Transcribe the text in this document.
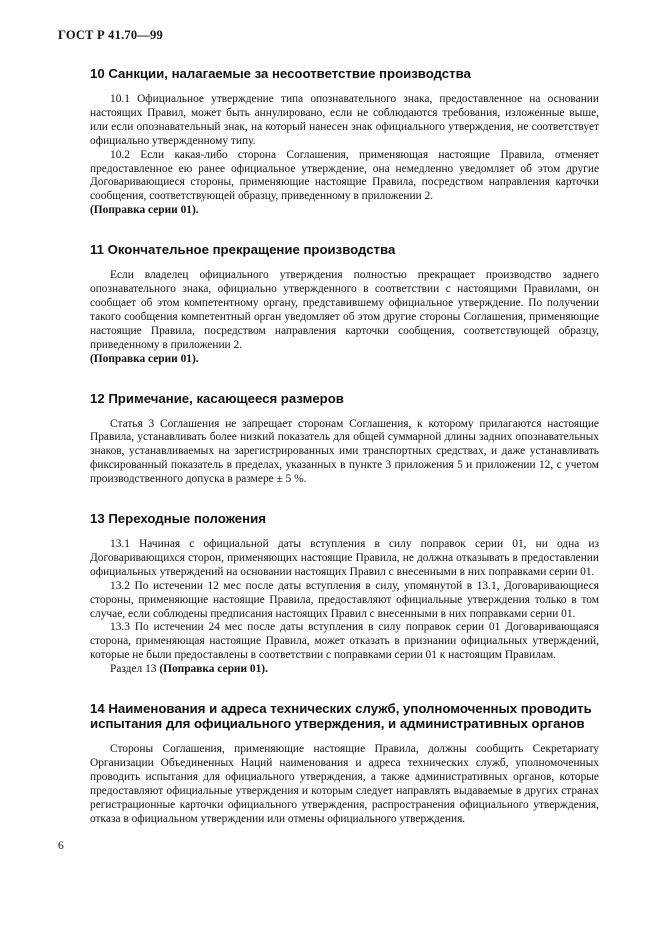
ГОСТ Р 41.70—99
10 Санкции, налагаемые за несоответствие производства

10.1 Официальное утверждение типа опознавательного знака, предоставленное на основании настоящих Правил, может быть аннулировано, если не соблюдаются требования, изложенные выше, или если опознавательный знак, на который нанесен знак официального утверждения, не соответствует официально утвержденному типу.

10.2 Если какая-либо сторона Соглашения, применяющая настоящие Правила, отменяет предоставленное ею ранее официальное утверждение, она немедленно уведомляет об этом другие Договаривающиеся стороны, применяющие настоящие Правила, посредством направления карточки сообщения, соответствующей образцу, приведенному в приложении 2.

(Поправка серии 01).

11 Окончательное прекращение производства

Если владелец официального утверждения полностью прекращает производство заднего опознавательного знака, официально утвержденного в соответствии с настоящими Правилами, он сообщает об этом компетентному органу, представившему официальное утверждение. По получении такого сообщения компетентный орган уведомляет об этом другие стороны Соглашения, применяющие настоящие Правила, посредством направления карточки сообщения, соответствующей образцу, приведенному в приложении 2.

(Поправка серии 01).

12 Примечание, касающееся размеров

Статья 3 Соглашения не запрещает сторонам Соглашения, к которому прилагаются настоящие Правила, устанавливать более низкий показатель для общей суммарной длины задних опознавательных знаков, устанавливаемых на зарегистрированных ими транспортных средствах, и даже устанавливать фиксированный показатель в пределах, указанных в пункте 3 приложения 5 и приложении 12, с учетом производственного допуска в размере ± 5 %.

13 Переходные положения

13.1 Начиная с официальной даты вступления в силу поправок серии 01, ни одна из Договаривающихся сторон, применяющих настоящие Правила, не должна отказывать в предоставлении официальных утверждений на основании настоящих Правил с внесенными в них поправками серии 01.

13.2 По истечении 12 мес после даты вступления в силу, упомянутой в 13.1, Договаривающиеся стороны, применяющие настоящие Правила, предоставляют официальные утверждения только в том случае, если соблюдены предписания настоящих Правил с внесенными в них поправками серии 01.

13.3 По истечении 24 мес после даты вступления в силу поправок серии 01 Договаривающаяся сторона, применяющая настоящие Правила, может отказать в признании официальных утверждений, которые не были предоставлены в соответствии с поправками серии 01 к настоящим Правилам.

Раздел 13 (Поправка серии 01).

14 Наименования и адреса технических служб, уполномоченных проводить испытания для официального утверждения, и административных органов

Стороны Соглашения, применяющие настоящие Правила, должны сообщить Секретариату Организации Объединенных Наций наименования и адреса технических служб, уполномоченных проводить испытания для официального утверждения, а также административных органов, которые предоставляют официальные утверждения и которым следует направлять выдаваемые в других странах регистрационные карточки официального утверждения, распространения официального утверждения, отказа в официальном утверждении или отмены официального утверждения.

6
